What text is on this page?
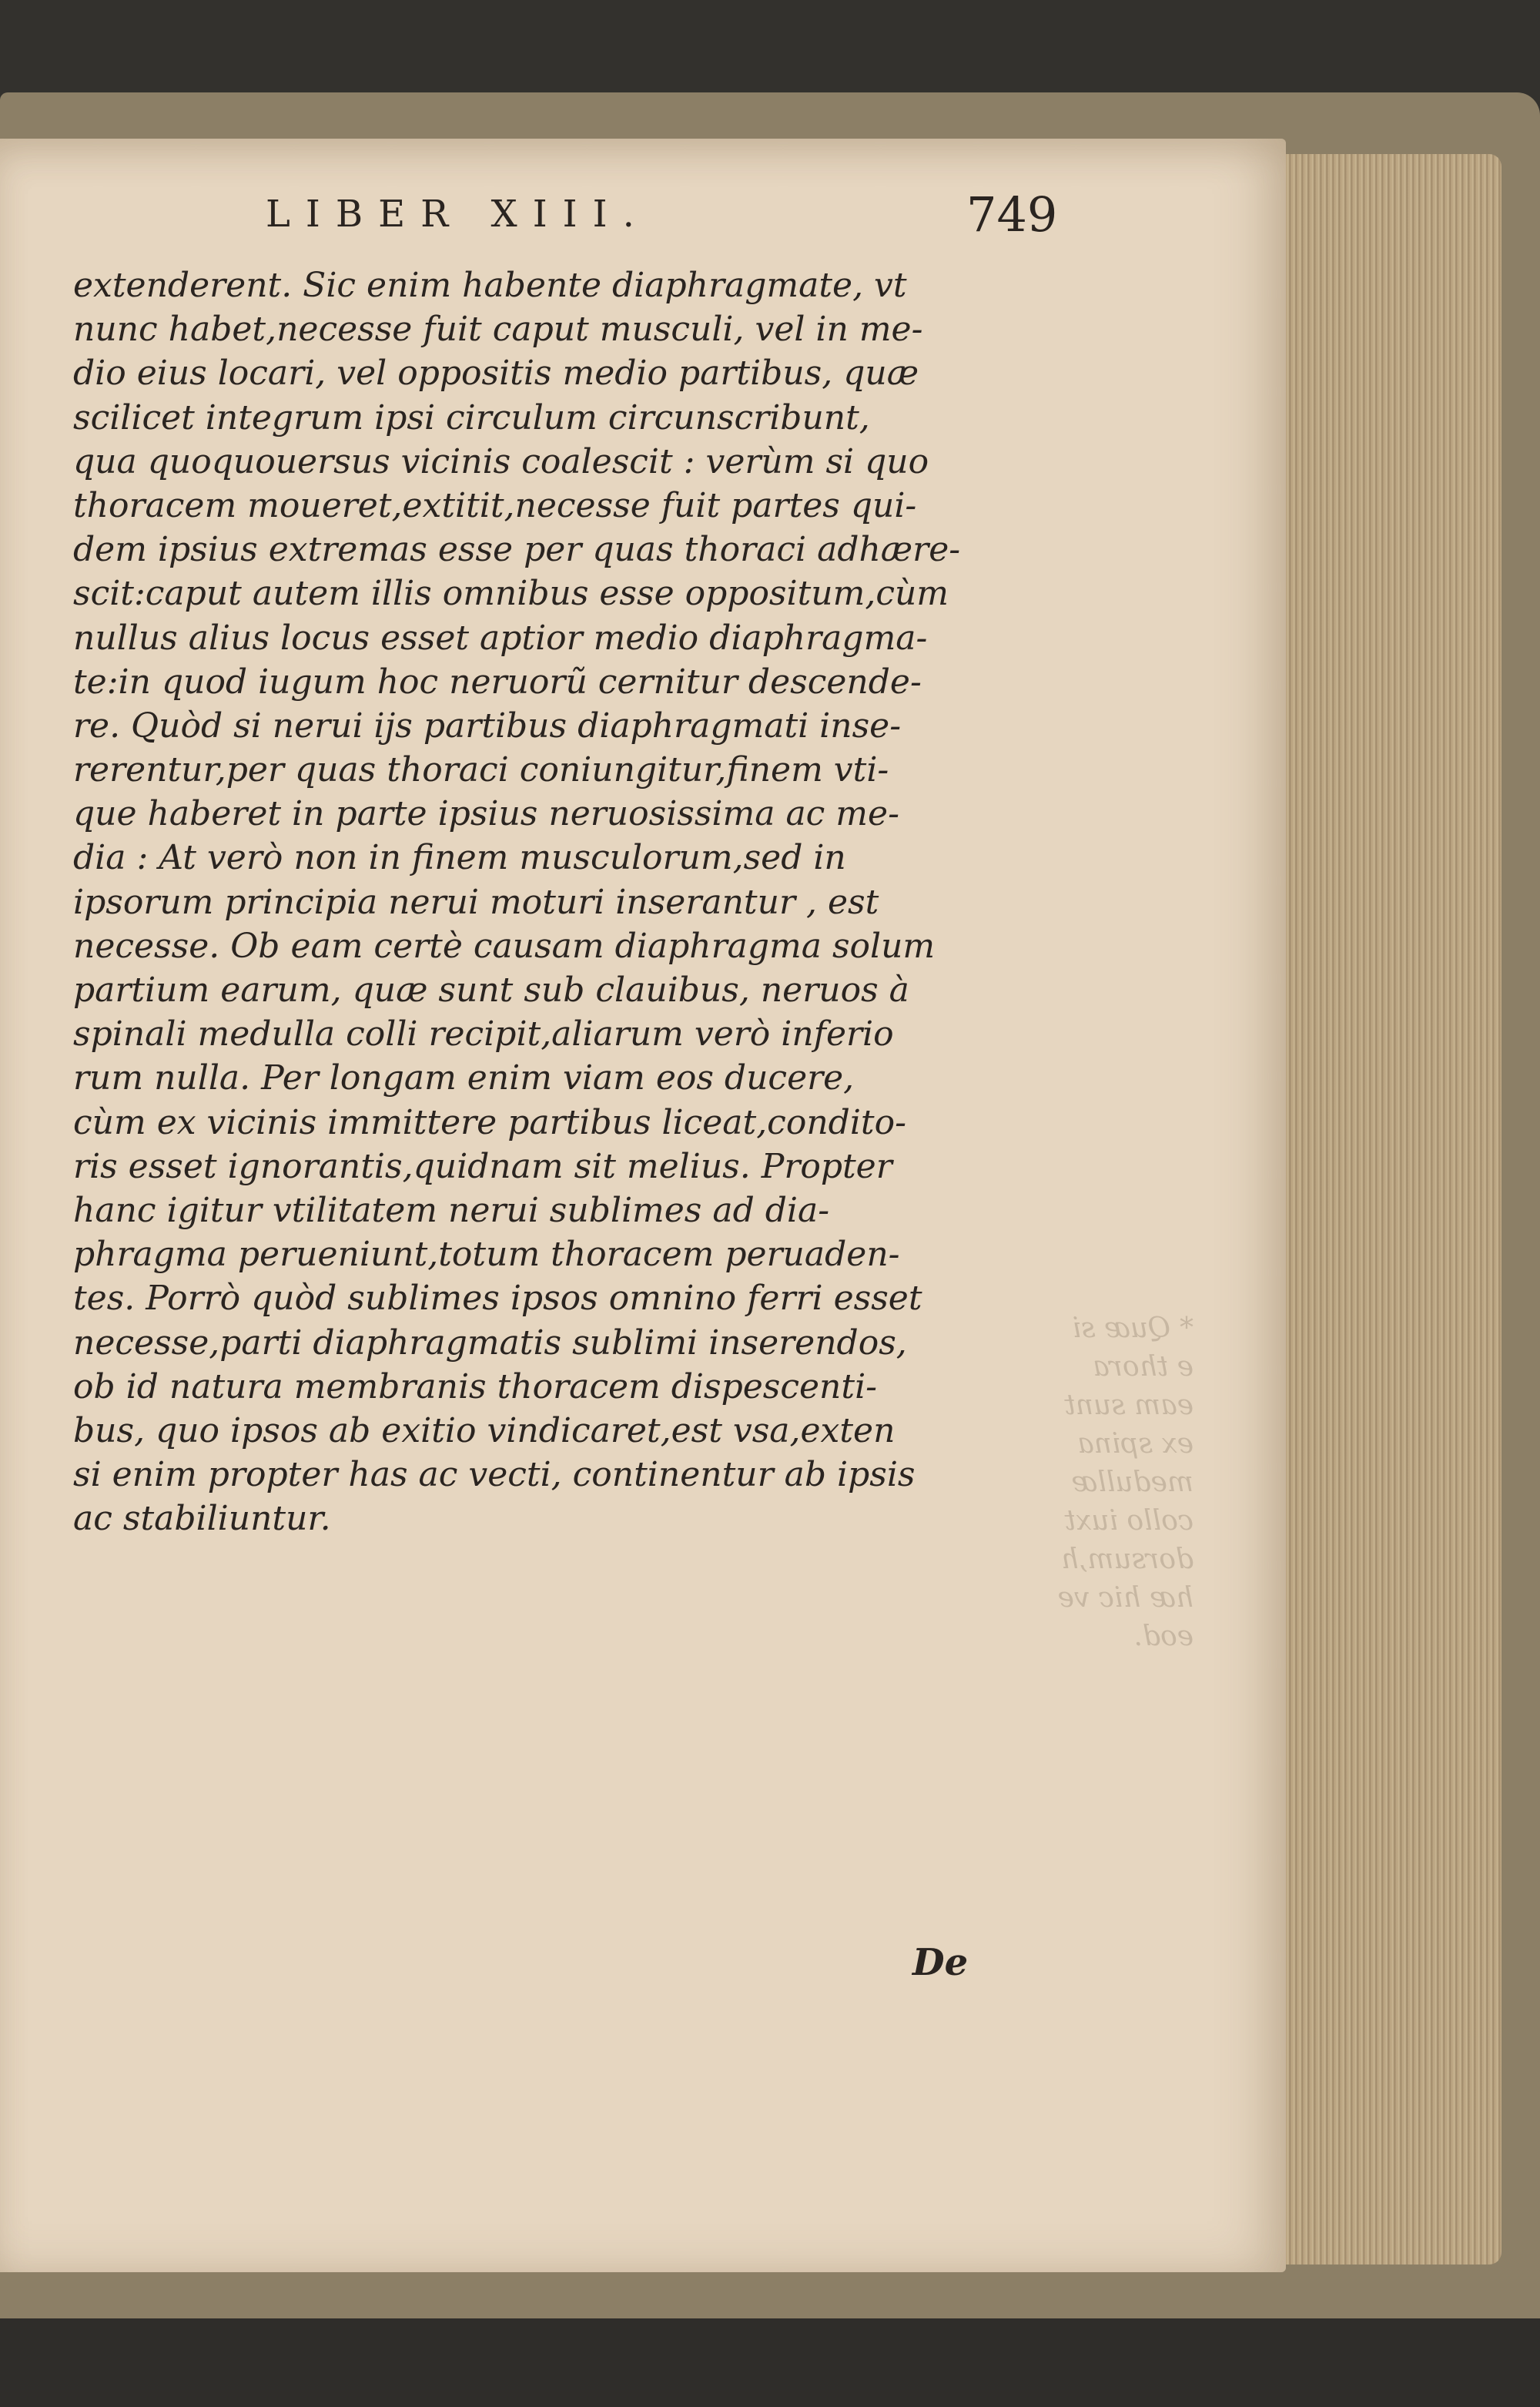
* Quæ si
e thora
eam sunt
ex spina
medullæ
collo iuxt
dorsum,h
hæ hic ve
eod.
LIBER XIII.	749
extenderent. Sic enim habente diaphragmate, vt
nunc habet,necesse fuit caput musculi, vel in me-
dio eius locari, vel oppositis medio partibus, quæ
scilicet integrum ipsi circulum circunscribunt,
qua quoquouersus vicinis coalescit : verùm si quo
thoracem moueret,extitit,necesse fuit partes qui-
dem ipsius extremas esse per quas thoraci adhære-
scit:caput autem illis omnibus esse oppositum,cùm
nullus alius locus esset aptior medio diaphragma-
te:in quod iugum hoc neruorũ cernitur descende-
re. Quòd si nerui ijs partibus diaphragmati inse-
rerentur,per quas thoraci coniungitur,finem vti-
que haberet in parte ipsius neruosissima ac me-
dia : At verò non in finem musculorum,sed in
ipsorum principia nerui moturi inserantur , est
necesse. Ob eam certè causam diaphragma solum
partium earum, quæ sunt sub clauibus, neruos à
spinali medulla colli recipit,aliarum verò inferio
rum nulla. Per longam enim viam eos ducere,
cùm ex vicinis immittere partibus liceat,condito-
ris esset ignorantis,quidnam sit melius. Propter
hanc igitur vtilitatem nerui sublimes ad dia-
phragma perueniunt,totum thoracem peruaden-
tes. Porrò quòd sublimes ipsos omnino ferri esset
necesse,parti diaphragmatis sublimi inserendos,
ob id natura membranis thoracem dispescenti-
bus, quo ipsos ab exitio vindicaret,est vsa,exten
si enim propter has ac vecti, continentur ab ipsis
ac stabiliuntur.
De
